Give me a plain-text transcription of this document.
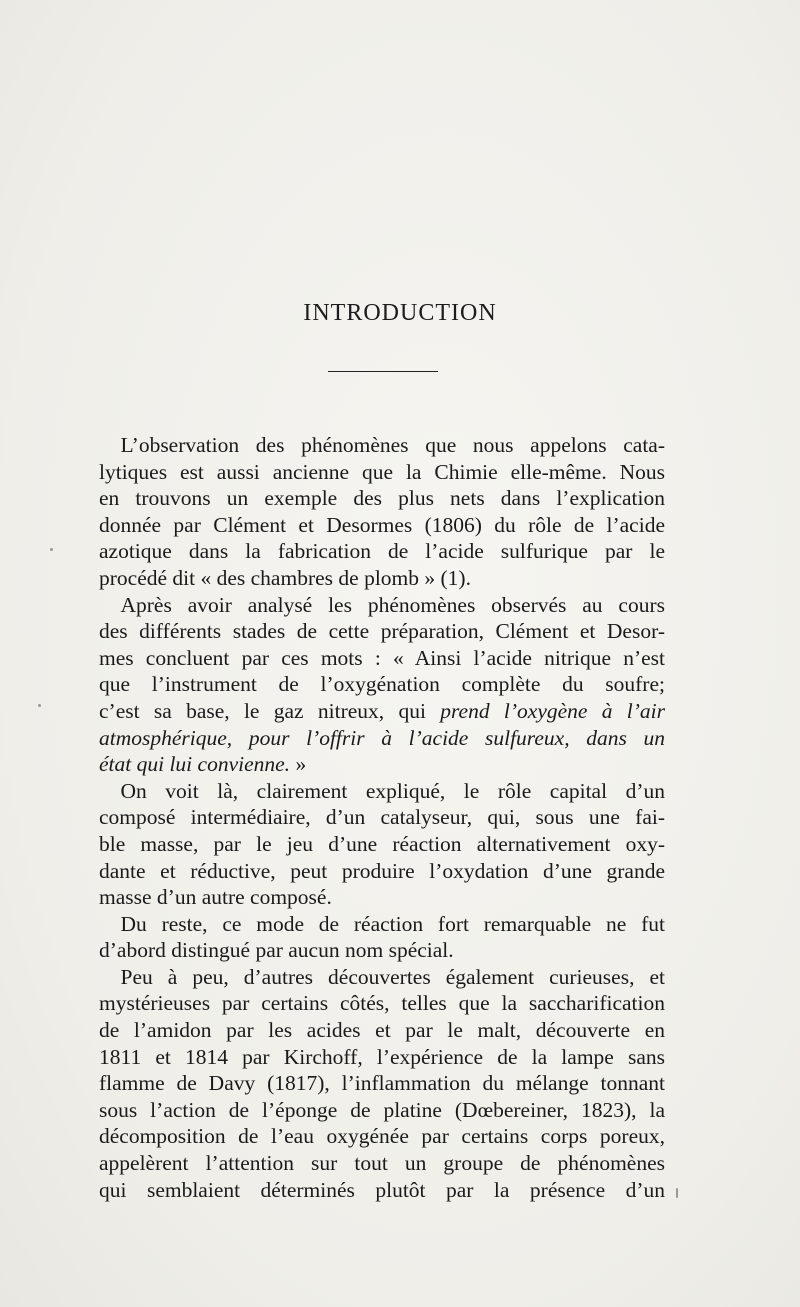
INTRODUCTION
L’observation des phénomènes que nous appelons cata-
lytiques est aussi ancienne que la Chimie elle-même. Nous
en trouvons un exemple des plus nets dans l’explication
donnée par Clément et Desormes (1806) du rôle de l’acide
azotique dans la fabrication de l’acide sulfurique par le
procédé dit « des chambres de plomb » (1).
Après avoir analysé les phénomènes observés au cours
des différents stades de cette préparation, Clément et Desor-
mes concluent par ces mots : « Ainsi l’acide nitrique n’est
que l’instrument de l’oxygénation complète du soufre;
c’est sa base, le gaz nitreux, qui prend l’oxygène à l’air
atmosphérique, pour l’offrir à l’acide sulfureux, dans un
état qui lui convienne. »
On voit là, clairement expliqué, le rôle capital d’un
composé intermédiaire, d’un catalyseur, qui, sous une fai-
ble masse, par le jeu d’une réaction alternativement oxy-
dante et réductive, peut produire l’oxydation d’une grande
masse d’un autre composé.
Du reste, ce mode de réaction fort remarquable ne fut
d’abord distingué par aucun nom spécial.
Peu à peu, d’autres découvertes également curieuses, et
mystérieuses par certains côtés, telles que la saccharification
de l’amidon par les acides et par le malt, découverte en
1811 et 1814 par Kirchoff, l’expérience de la lampe sans
flamme de Davy (1817), l’inflammation du mélange tonnant
sous l’action de l’éponge de platine (Dœbereiner, 1823), la
décomposition de l’eau oxygénée par certains corps poreux,
appelèrent l’attention sur tout un groupe de phénomènes
qui semblaient déterminés plutôt par la présence d’un
